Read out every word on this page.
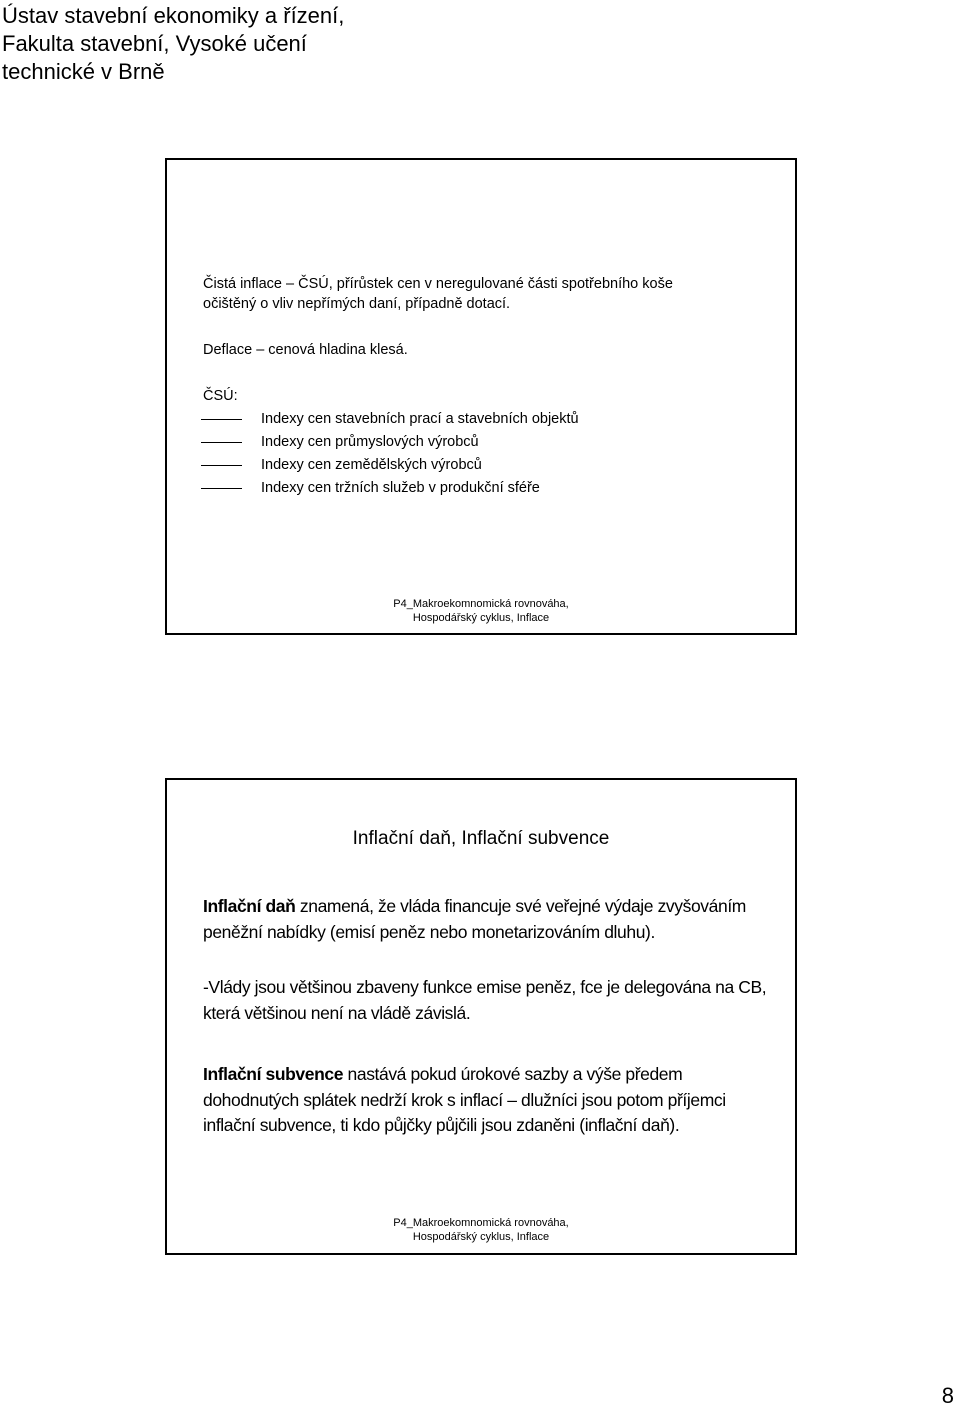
Ústav stavební ekonomiky a řízení,
Fakulta stavební, Vysoké učení
technické v Brně
Čistá inflace – ČSÚ, přírůstek cen v neregulované části spotřebního koše
očištěný o vliv nepřímých daní, případně dotací.
Deflace – cenová hladina klesá.
ČSÚ:
Indexy cen stavebních prací a stavebních objektů
Indexy cen průmyslových výrobců
Indexy cen zemědělských výrobců
Indexy cen tržních služeb v produkční sféře
P4_Makroekomnomická rovnováha,
Hospodářský cyklus, Inflace
Inflační daň, Inflační subvence
Inflační daň znamená, že vláda financuje své veřejné výdaje zvyšováním peněžní nabídky (emisí peněz nebo monetarizováním dluhu).
-Vlády jsou většinou zbaveny funkce emise peněz, fce je delegována na CB, která většinou není na vládě závislá.
Inflační subvence nastává pokud úrokové sazby a výše předem dohodnutých splátek nedrží krok s inflací – dlužníci jsou potom příjemci inflační subvence, ti kdo půjčky půjčili jsou zdaněni (inflační daň).
P4_Makroekomnomická rovnováha,
Hospodářský cyklus, Inflace
8
